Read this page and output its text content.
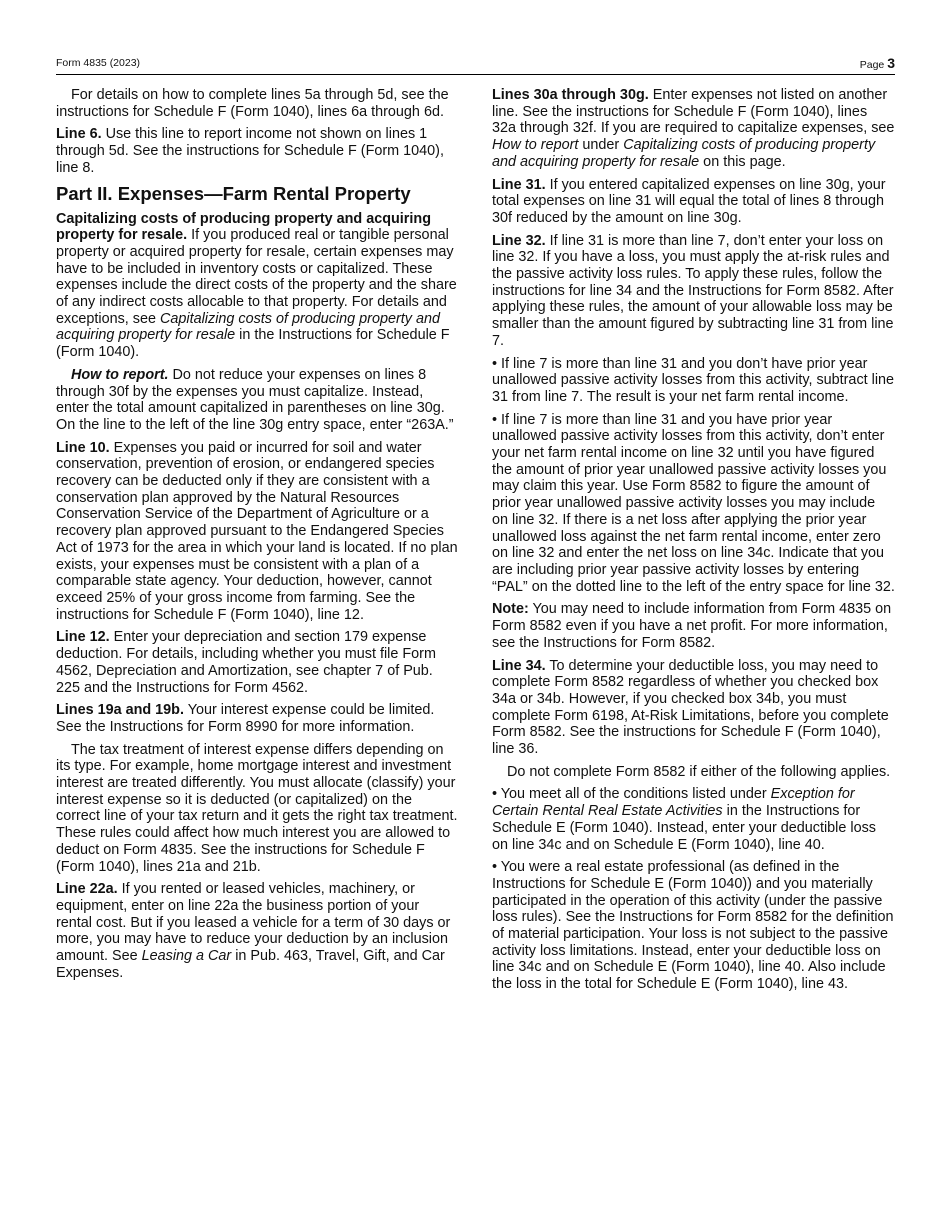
Form 4835 (2023)	Page 3

For details on how to complete lines 5a through 5d, see the instructions for Schedule F (Form 1040), lines 6a through 6d.

Line 6. Use this line to report income not shown on lines 1 through 5d. See the instructions for Schedule F (Form 1040), line 8.

Part II. Expenses—Farm Rental Property

Capitalizing costs of producing property and acquiring property for resale. If you produced real or tangible personal property or acquired property for resale, certain expenses may have to be included in inventory costs or capitalized. These expenses include the direct costs of the property and the share of any indirect costs allocable to that property. For details and exceptions, see Capitalizing costs of producing property and acquiring property for resale in the Instructions for Schedule F (Form 1040).

How to report. Do not reduce your expenses on lines 8 through 30f by the expenses you must capitalize. Instead, enter the total amount capitalized in parentheses on line 30g. On the line to the left of the line 30g entry space, enter “263A.”

Line 10. Expenses you paid or incurred for soil and water conservation, prevention of erosion, or endangered species recovery can be deducted only if they are consistent with a conservation plan approved by the Natural Resources Conservation Service of the Department of Agriculture or a recovery plan approved pursuant to the Endangered Species Act of 1973 for the area in which your land is located. If no plan exists, your expenses must be consistent with a plan of a comparable state agency. Your deduction, however, cannot exceed 25% of your gross income from farming. See the instructions for Schedule F (Form 1040), line 12.

Line 12. Enter your depreciation and section 179 expense deduction. For details, including whether you must file Form 4562, Depreciation and Amortization, see chapter 7 of Pub. 225 and the Instructions for Form 4562.

Lines 19a and 19b. Your interest expense could be limited. See the Instructions for Form 8990 for more information.

The tax treatment of interest expense differs depending on its type. For example, home mortgage interest and investment interest are treated differently. You must allocate (classify) your interest expense so it is deducted (or capitalized) on the correct line of your tax return and it gets the right tax treatment. These rules could affect how much interest you are allowed to deduct on Form 4835. See the instructions for Schedule F (Form 1040), lines 21a and 21b.

Line 22a. If you rented or leased vehicles, machinery, or equipment, enter on line 22a the business portion of your rental cost. But if you leased a vehicle for a term of 30 days or more, you may have to reduce your deduction by an inclusion amount. See Leasing a Car in Pub. 463, Travel, Gift, and Car Expenses.

Lines 30a through 30g. Enter expenses not listed on another line. See the instructions for Schedule F (Form 1040), lines 32a through 32f. If you are required to capitalize expenses, see How to report under Capitalizing costs of producing property and acquiring property for resale on this page.

Line 31. If you entered capitalized expenses on line 30g, your total expenses on line 31 will equal the total of lines 8 through 30f reduced by the amount on line 30g.

Line 32. If line 31 is more than line 7, don’t enter your loss on line 32. If you have a loss, you must apply the at-risk rules and the passive activity loss rules. To apply these rules, follow the instructions for line 34 and the Instructions for Form 8582. After applying these rules, the amount of your allowable loss may be smaller than the amount figured by subtracting line 31 from line 7.

• If line 7 is more than line 31 and you don’t have prior year unallowed passive activity losses from this activity, subtract line 31 from line 7. The result is your net farm rental income.

• If line 7 is more than line 31 and you have prior year unallowed passive activity losses from this activity, don’t enter your net farm rental income on line 32 until you have figured the amount of prior year unallowed passive activity losses you may claim this year. Use Form 8582 to figure the amount of prior year unallowed passive activity losses you may include on line 32. If there is a net loss after applying the prior year unallowed loss against the net farm rental income, enter zero on line 32 and enter the net loss on line 34c. Indicate that you are including prior year passive activity losses by entering “PAL” on the dotted line to the left of the entry space for line 32.

Note: You may need to include information from Form 4835 on Form 8582 even if you have a net profit. For more information, see the Instructions for Form 8582.

Line 34. To determine your deductible loss, you may need to complete Form 8582 regardless of whether you checked box 34a or 34b. However, if you checked box 34b, you must complete Form 6198, At-Risk Limitations, before you complete Form 8582. See the instructions for Schedule F (Form 1040), line 36.

Do not complete Form 8582 if either of the following applies.

• You meet all of the conditions listed under Exception for Certain Rental Real Estate Activities in the Instructions for Schedule E (Form 1040). Instead, enter your deductible loss on line 34c and on Schedule E (Form 1040), line 40.

• You were a real estate professional (as defined in the Instructions for Schedule E (Form 1040)) and you materially participated in the operation of this activity (under the passive loss rules). See the Instructions for Form 8582 for the definition of material participation. Your loss is not subject to the passive activity loss limitations. Instead, enter your deductible loss on line 34c and on Schedule E (Form 1040), line 40. Also include the loss in the total for Schedule E (Form 1040), line 43.
